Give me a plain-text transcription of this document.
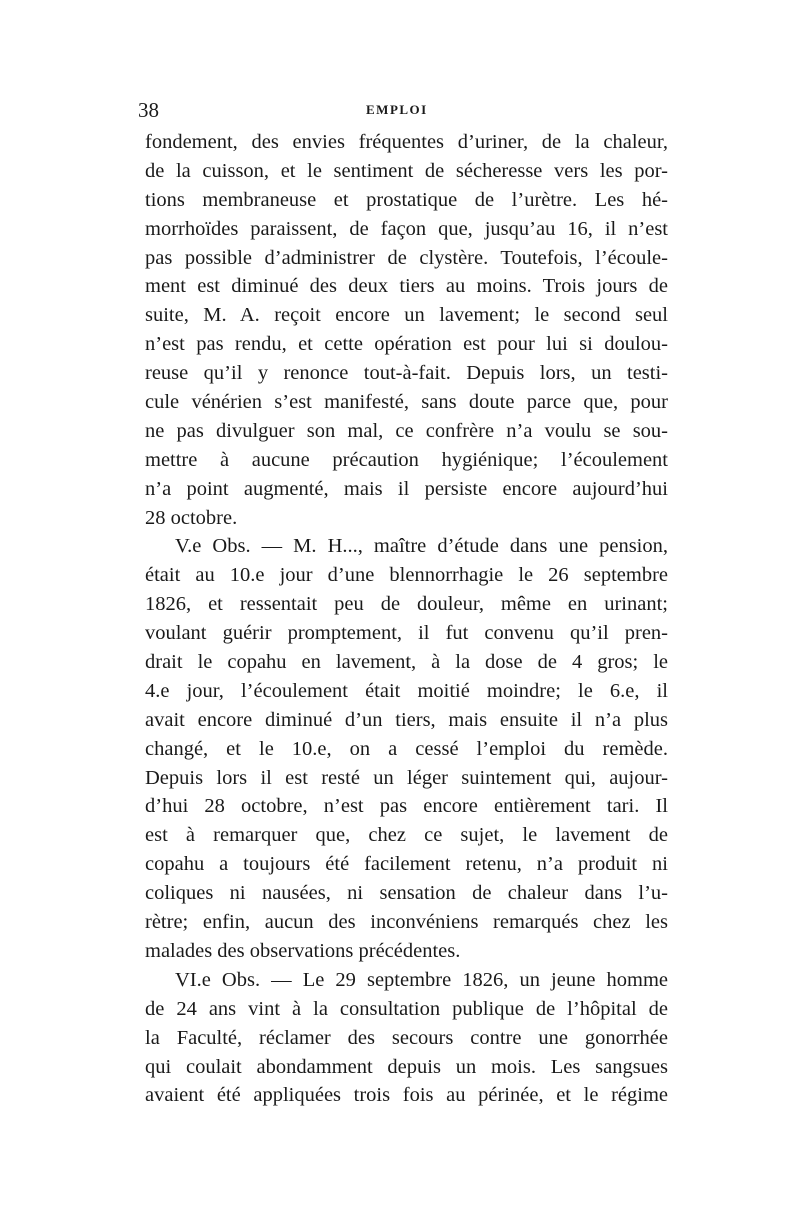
38	EMPLOI
fondement, des envies fréquentes d’uriner, de la chaleur,
de la cuisson, et le sentiment de sécheresse vers les por-
tions membraneuse et prostatique de l’urètre. Les hé-
morrhoïdes paraissent, de façon que, jusqu’au 16, il n’est
pas possible d’administrer de clystère. Toutefois, l’écoule-
ment est diminué des deux tiers au moins. Trois jours de
suite, M. A. reçoit encore un lavement; le second seul
n’est pas rendu, et cette opération est pour lui si doulou-
reuse qu’il y renonce tout-à-fait. Depuis lors, un testi-
cule vénérien s’est manifesté, sans doute parce que, pour
ne pas divulguer son mal, ce confrère n’a voulu se sou-
mettre à aucune précaution hygiénique; l’écoulement
n’a point augmenté, mais il persiste encore aujourd’hui
28 octobre.
V.e Obs. — M. H..., maître d’étude dans une pension,
était au 10.e jour d’une blennorrhagie le 26 septembre
1826, et ressentait peu de douleur, même en urinant;
voulant guérir promptement, il fut convenu qu’il pren-
drait le copahu en lavement, à la dose de 4 gros; le
4.e jour, l’écoulement était moitié moindre; le 6.e, il
avait encore diminué d’un tiers, mais ensuite il n’a plus
changé, et le 10.e, on a cessé l’emploi du remède.
Depuis lors il est resté un léger suintement qui, aujour-
d’hui 28 octobre, n’est pas encore entièrement tari. Il
est à remarquer que, chez ce sujet, le lavement de
copahu a toujours été facilement retenu, n’a produit ni
coliques ni nausées, ni sensation de chaleur dans l’u-
rètre; enfin, aucun des inconvéniens remarqués chez les
malades des observations précédentes.
VI.e Obs. — Le 29 septembre 1826, un jeune homme
de 24 ans vint à la consultation publique de l’hôpital de
la Faculté, réclamer des secours contre une gonorrhée
qui coulait abondamment depuis un mois. Les sangsues
avaient été appliquées trois fois au périnée, et le régime
